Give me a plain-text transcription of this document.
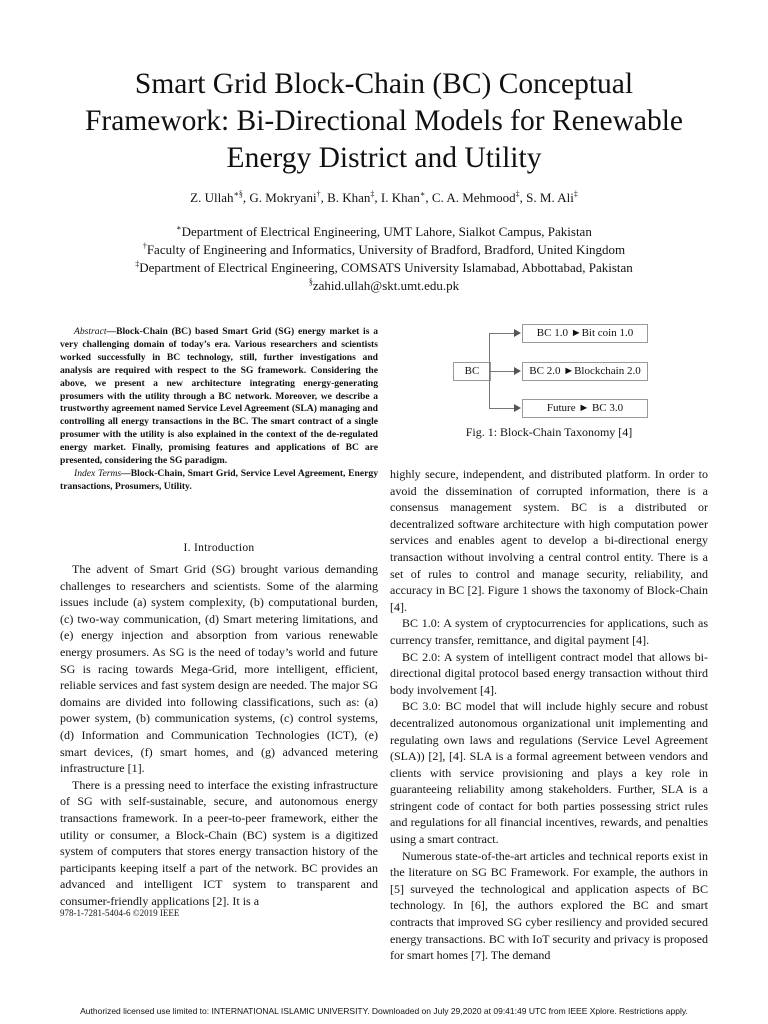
Smart Grid Block-Chain (BC) Conceptual
Framework: Bi-Directional Models for Renewable
Energy District and Utility

Z. Ullah∗§, G. Mokryani†, B. Khan‡, I. Khan∗, C. A. Mehmood‡, S. M. Ali‡

∗Department of Electrical Engineering, UMT Lahore, Sialkot Campus, Pakistan
†Faculty of Engineering and Informatics, University of Bradford, Bradford, United Kingdom
‡Department of Electrical Engineering, COMSATS University Islamabad, Abbottabad, Pakistan
§zahid.ullah@skt.umt.edu.pk

Abstract—Block-Chain (BC) based Smart Grid (SG) energy market is a very challenging domain of today’s era. Various researchers and scientists worked successfully in BC technology, still, further investigations and analysis are required with respect to the SG framework. Considering the above, we present a new architecture integrating energy-generating prosumers with the utility through a BC network. Moreover, we describe a trustworthy agreement named Service Level Agreement (SLA) managing and controlling all energy transactions in the BC. The smart contract of a single prosumer with the utility is also explained in the context of the de-regulated energy market. Finally, promising features and applications of BC are presented, considering the SG paradigm.

Index Terms—Block-Chain, Smart Grid, Service Level Agreement, Energy transactions, Prosumers, Utility.

I. Introduction

The advent of Smart Grid (SG) brought various demanding challenges to researchers and scientists. Some of the alarming issues include (a) system complexity, (b) computational burden, (c) two-way communication, (d) Smart metering limitations, and (e) energy injection and absorption from various renewable energy prosumers. As SG is the need of today’s world and future SG is racing towards Mega-Grid, more intelligent, efficient, reliable services and fast system design are needed. The major SG domains are divided into following classifications, such as: (a) power system, (b) communication systems, (c) control systems, (d) Information and Communication Technologies (ICT), (e) smart devices, (f) smart homes, and (g) advanced metering infrastructure [1].

There is a pressing need to interface the existing infrastructure of SG with self-sustainable, secure, and autonomous energy transactions framework. In a peer-to-peer framework, either the utility or consumer, a Block-Chain (BC) system is a digitized system of computers that stores energy transaction history of the participants keeping itself a part of the network. BC provides an advanced and intelligent ICT system to transparent and consumer-friendly applications [2]. It is a

BC
BC 1.0 ►Bit coin 1.0
BC 2.0 ►Blockchain 2.0
Future ► BC 3.0
Fig. 1: Block-Chain Taxonomy [4]

highly secure, independent, and distributed platform. In order to avoid the dissemination of corrupted information, there is a consensus management system. BC is a distributed or decentralized software architecture with high computation power services and enables agent to develop a bi-directional energy transaction without involving a central control entity. There is a set of rules to control and manage security, reliability, and accuracy in BC [2]. Figure 1 shows the taxonomy of Block-Chain [4].

BC 1.0: A system of cryptocurrencies for applications, such as currency transfer, remittance, and digital payment [4].

BC 2.0: A system of intelligent contract model that allows bi-directional digital protocol based energy transaction without third body involvement [4].

BC 3.0: BC model that will include highly secure and robust decentralized autonomous organizational unit implementing and regulating own laws and regulations (Service Level Agreement (SLA)) [2], [4]. SLA is a formal agreement between vendors and clients with service provisioning and plays a key role in guaranteeing reliability among stakeholders. Further, SLA is a stringent code of contact for both parties possessing strict rules and regulations for all financial incentives, rewards, and penalties using a smart contract.

Numerous state-of-the-art articles and technical reports exist in the literature on SG BC Framework. For example, the authors in [5] surveyed the technological and application aspects of BC technology. In [6], the authors explored the BC and smart contracts that improved SG cyber resiliency and provided secured energy transactions. BC with IoT security and privacy is proposed for smart homes [7]. The demand

978-1-7281-5404-6 ©2019 IEEE
Authorized licensed use limited to: INTERNATIONAL ISLAMIC UNIVERSITY. Downloaded on July 29,2020 at 09:41:49 UTC from IEEE Xplore. Restrictions apply.
